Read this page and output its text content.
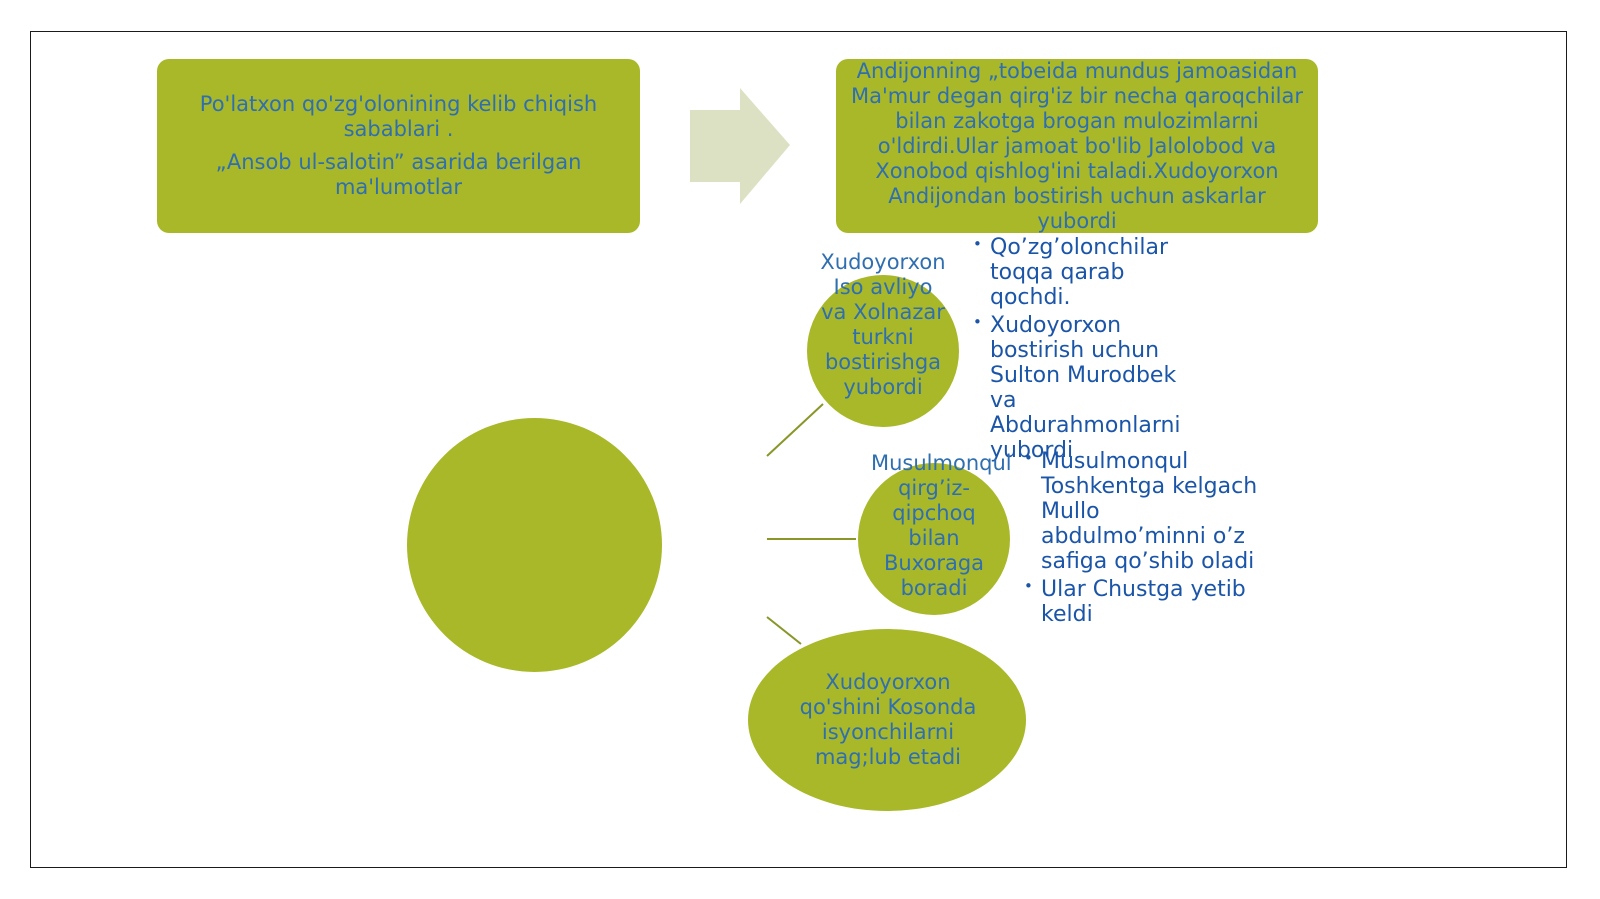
Po'latxon qo'zg'olonining kelib chiqish sabablari .

„Ansob ul-salotin” asarida berilgan ma'lumotlar

Andijonning „tobeida mundus jamoasidan Ma'mur degan qirg'iz bir necha qaroqchilar bilan zakotga brogan mulozimlarni o'ldirdi.Ular jamoat bo'lib Jalolobod va Xonobod qishlog'ini taladi.Xudoyorxon Andijondan bostirish uchun askarlar yubordi

Xudoyorxon Iso avliyo va Xolnazar turkni bostirishga yubordi
• Qo’zg’olonchilar toqqa qarab qochdi.
• Xudoyorxon bostirish uchun Sulton Murodbek va Abdurahmonlarni yubordi
Musulmonqul qirg’iz-qipchoq bilan Buxoraga boradi
• Musulmonqul Toshkentga kelgach Mullo abdulmo’minni o’z safiga qo’shib oladi
• Ular Chustga yetib keldi
Xudoyorxon qo'shini Kosonda isyonchilarni mag;lub etadi
